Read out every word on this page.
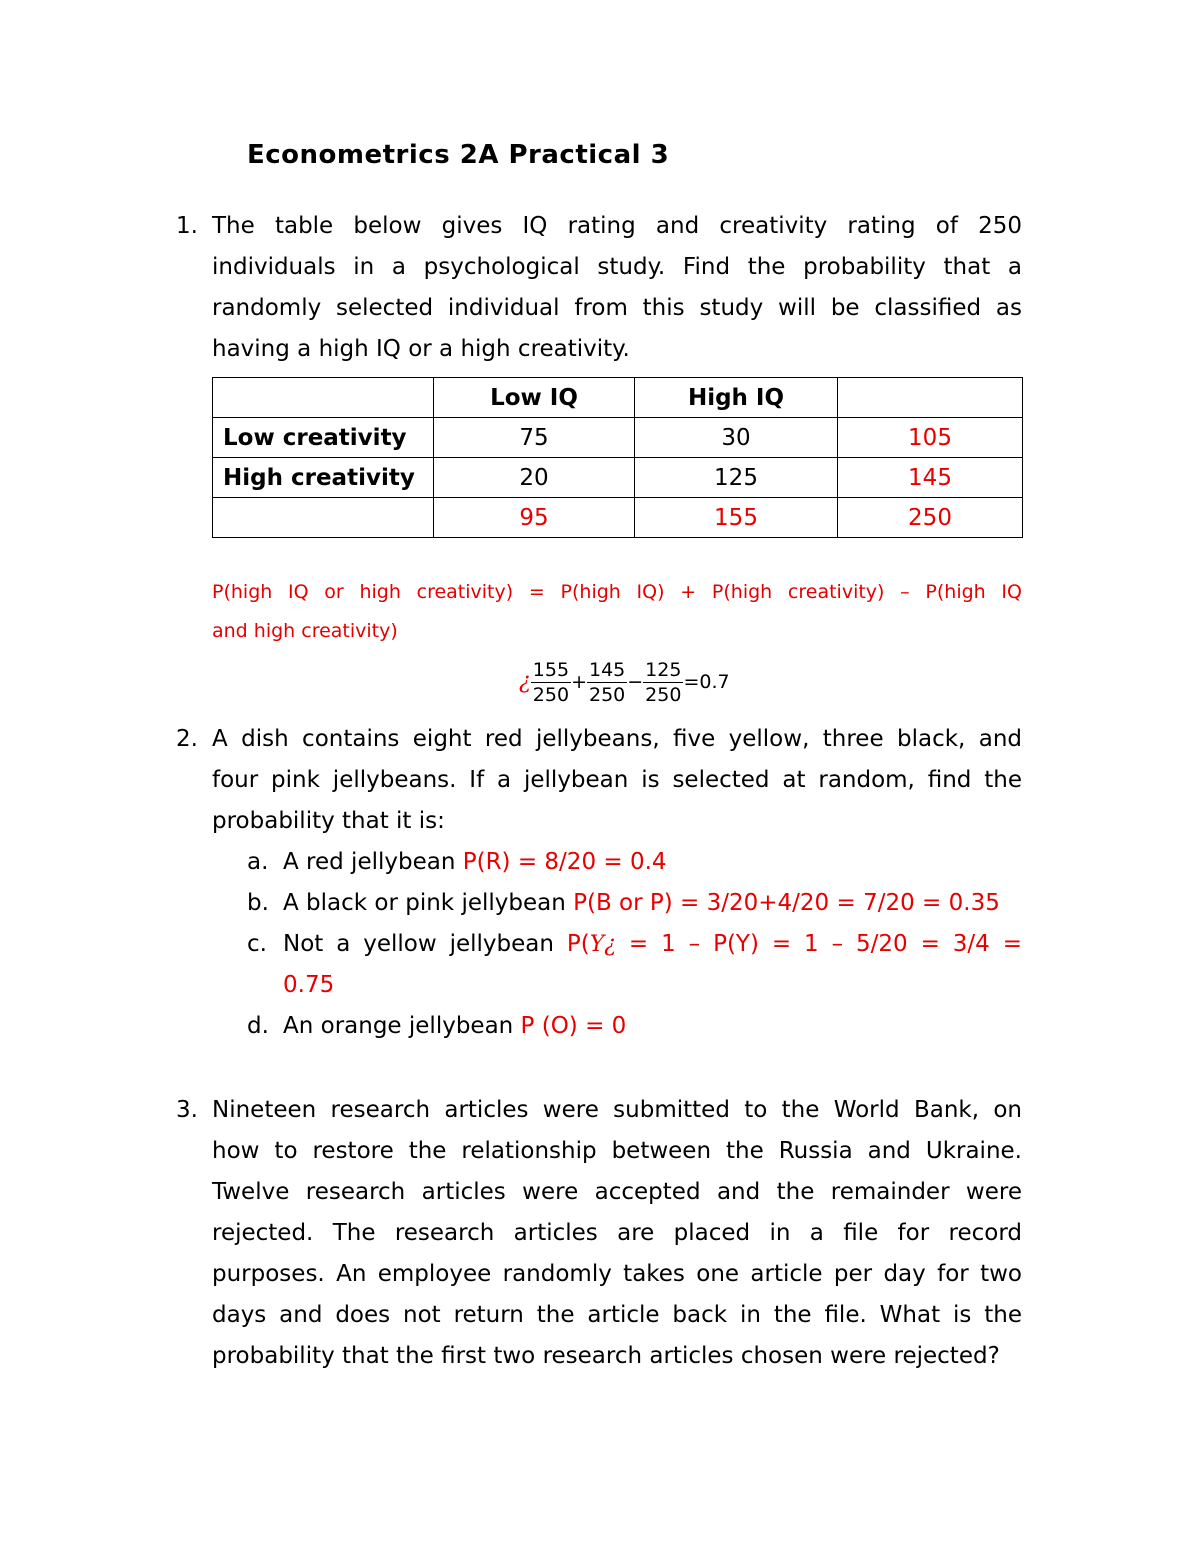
Econometrics 2A Practical 3
1. The table below gives IQ rating and creativity rating of 250
individuals in a psychological study. Find the probability that a
randomly selected individual from this study will be classified as
having a high IQ or a high creativity.
	Low IQ	High IQ	
Low creativity	75	30	105
High creativity	20	125	145
	95	155	250
P(high IQ or high creativity) = P(high IQ) + P(high creativity) – P(high IQ
and high creativity)
¿ $\frac{155}{250} + \frac{145}{250} - \frac{125}{250} =0.7$
2. A dish contains eight red jellybeans, five yellow, three black, and
four pink jellybeans. If a jellybean is selected at random, find the
probability that it is:
a. A red jellybean P(R) = 8/20 = 0.4
b. A black or pink jellybean P(B or P) = 3/20+4/20 = 7/20 = 0.35
c. Not a yellow jellybean P(Y¿ = 1 – P(Y) = 1 – 5/20 = 3/4 =
0.75
d. An orange jellybean P (O) = 0
3. Nineteen research articles were submitted to the World Bank, on
how to restore the relationship between the Russia and Ukraine.
Twelve research articles were accepted and the remainder were
rejected. The research articles are placed in a file for record
purposes. An employee randomly takes one article per day for two
days and does not return the article back in the file. What is the
probability that the first two research articles chosen were rejected?
